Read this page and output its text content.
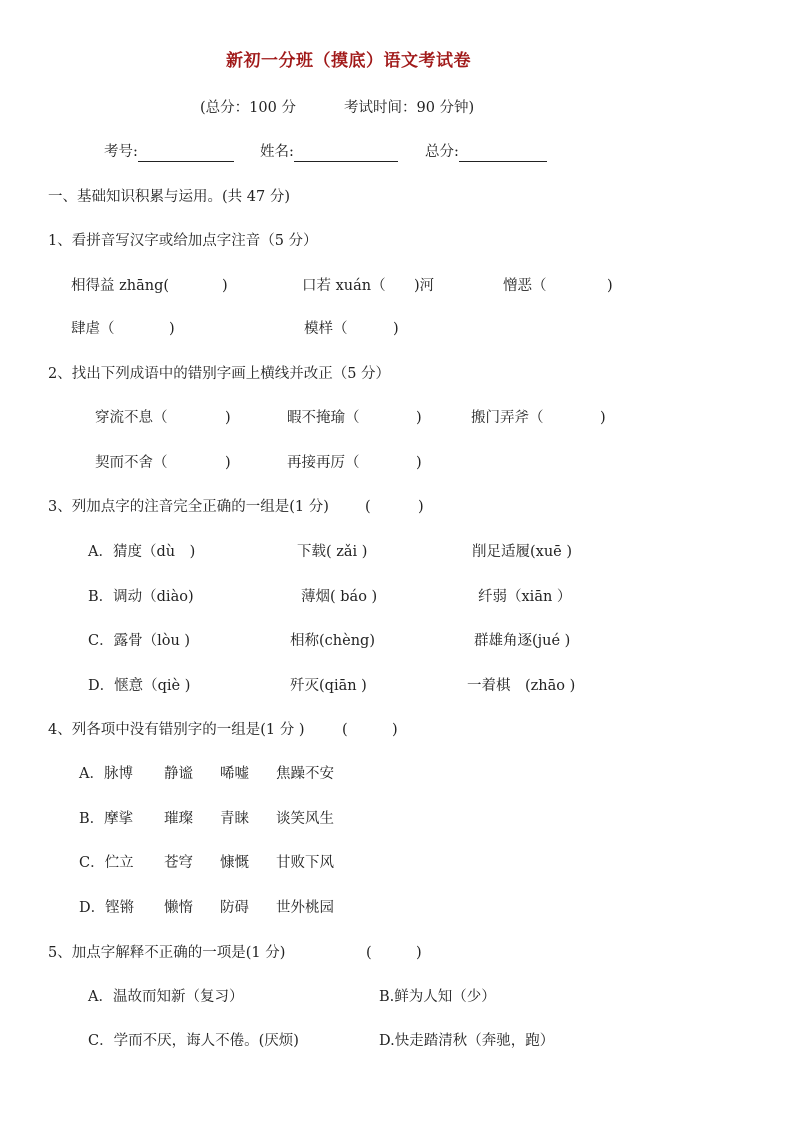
新初一分班（摸底）语文考试卷
(总分：100 分	考试时间：90 分钟)
考号:	姓名:	总分:
一、基础知识积累与运用。(共 47 分)
1、看拼音写汉字或给加点字注音（5 分）
相得益 zhāng(	)	口若 xuán（ )河	憎恶（	)
肆虐（	)	模样（	)
2、找出下列成语中的错别字画上横线并改正（5 分）
穿流不息（	)	暇不掩瑜（	)	搬门弄斧（	)
契而不舍（	)	再接再厉（	)
3、列加点字的注音完全正确的一组是(1 分) (	)
A．猜度（dù　)	下载( zǎi )	削足适履(xuē )
B．调动（diào)	薄烟( báo )	纤弱（xiān ）
C．露骨（lòu )	相称(chèng)	群雄角逐(jué )
D．惬意（qiè )	歼灭(qiān )	一着棋　(zhāo )
4、列各项中没有错别字的一组是(1 分 )	(	)
A．脉博 静谧 唏嘘 焦躁不安
B．摩挲 璀璨 青睐 谈笑风生
C．伫立 苍穹 慷慨 甘败下风
D．铿锵 懒惰 防碍 世外桃园
5、加点字解释不正确的一项是(1 分)	(	)
A．温故而知新（复习）	B.鲜为人知（少）
C．学而不厌，诲人不倦。(厌烦)	D.快走踏清秋（奔驰，跑）
